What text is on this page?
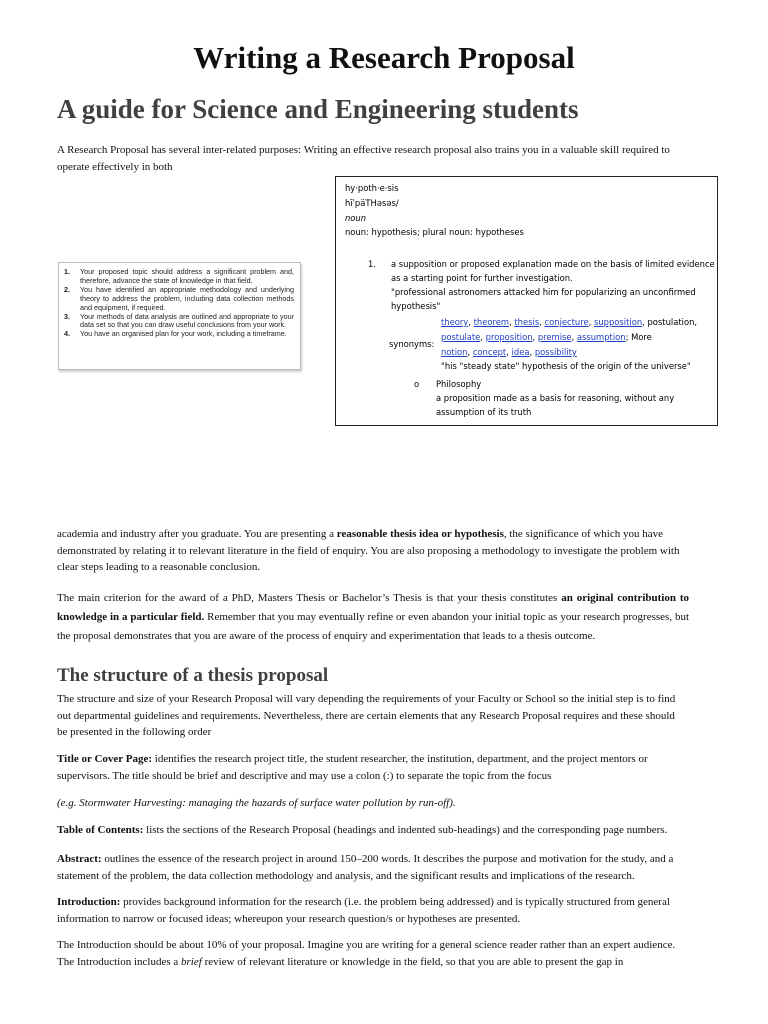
Writing a Research Proposal
A guide for Science and Engineering students

A Research Proposal has several inter-related purposes: Writing an effective research proposal also trains you in a valuable skill required to
operate effectively in both

hy·poth·e·sis
hīˈpäTHəsəs/
noun
noun: hypothesis; plural noun: hypotheses
1. a supposition or proposed explanation made on the basis of limited evidence
as a starting point for further investigation.
"professional astronomers attacked him for popularizing an unconfirmed
hypothesis"
synonyms:
theory, theorem, thesis, conjecture, supposition, postulation,
postulate, proposition, premise, assumption; More
notion, concept, idea, possibility
"his "steady state" hypothesis of the origin of the universe"
o Philosophy
a proposition made as a basis for reasoning, without any
assumption of its truth
1. Your proposed topic should address a significant problem and, therefore, advance the state of knowledge in that field.
2. You have identified an appropriate methodology and underlying theory to address the problem, including data collection methods and equipment, if required.
3. Your methods of data analysis are outlined and appropriate to your data set so that you can draw useful conclusions from your work.
4. You have an organised plan for your work, including a timeframe.

academia and industry after you graduate. You are presenting a reasonable thesis idea or hypothesis, the significance of which you have demonstrated by relating it to relevant literature in the field of enquiry. You are also proposing a methodology to investigate the problem with clear steps leading to a reasonable conclusion.

The main criterion for the award of a PhD, Masters Thesis or Bachelor’s Thesis is that your thesis constitutes an original contribution to knowledge in a particular field. Remember that you may eventually refine or even abandon your initial topic as your research progresses, but the proposal demonstrates that you are aware of the process of enquiry and experimentation that leads to a thesis outcome.

The structure of a thesis proposal

The structure and size of your Research Proposal will vary depending the requirements of your Faculty or School so the initial step is to find out departmental guidelines and requirements. Nevertheless, there are certain elements that any Research Proposal requires and these should be presented in the following order

Title or Cover Page: identifies the research project title, the student researcher, the institution, department, and the project mentors or supervisors. The title should be brief and descriptive and may use a colon (:) to separate the topic from the focus

(e.g. Stormwater Harvesting: managing the hazards of surface water pollution by run-off).

Table of Contents: lists the sections of the Research Proposal (headings and indented sub-headings) and the corresponding page numbers.

Abstract: outlines the essence of the research project in around 150–200 words. It describes the purpose and motivation for the study, and a statement of the problem, the data collection methodology and analysis, and the significant results and implications of the research.

Introduction: provides background information for the research (i.e. the problem being addressed) and is typically structured from general information to narrow or focused ideas; whereupon your research question/s or hypotheses are presented.

The Introduction should be about 10% of your proposal. Imagine you are writing for a general science reader rather than an expert audience. The Introduction includes a brief review of relevant literature or knowledge in the field, so that you are able to present the gap in
